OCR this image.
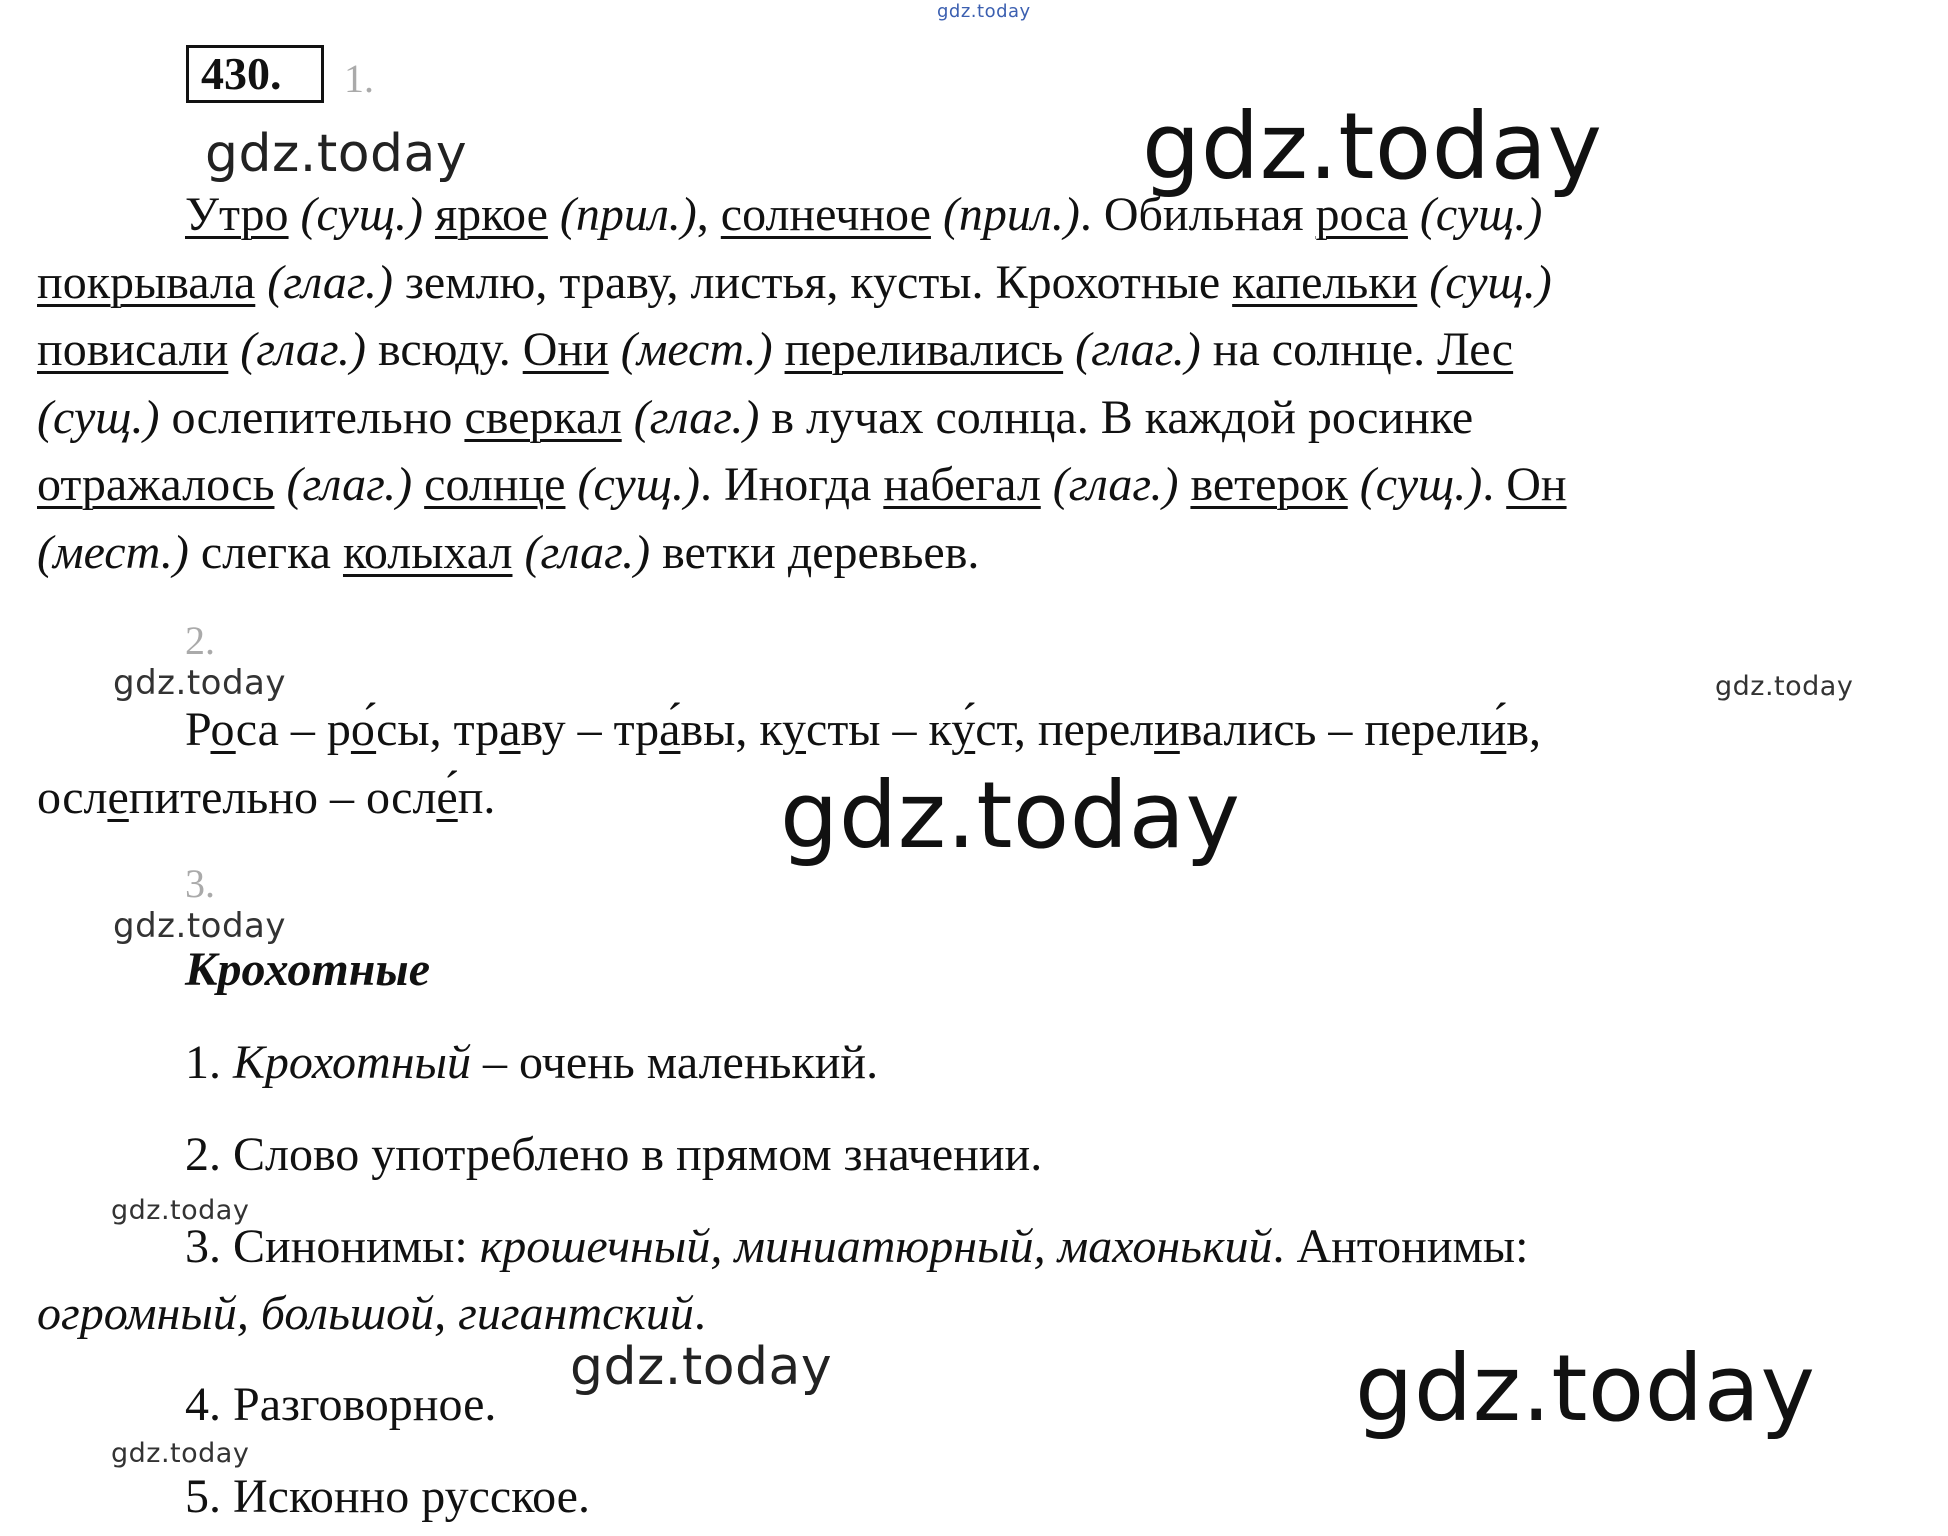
gdz.today
gdz.today	gdz.today
gdz.today	gdz.today
gdz.today
gdz.today
gdz.today
gdz.today	gdz.today
gdz.today
430.	1.
Утро (сущ.) яркое (прил.), солнечное (прил.). Обильная роса (сущ.)
покрывала (глаг.) землю, траву, листья, кусты. Крохотные капельки (сущ.)
повисали (глаг.) всюду. Они (мест.) переливались (глаг.) на солнце. Лес
(сущ.) ослепительно сверкал (глаг.) в лучах солнца. В каждой росинке
отражалось (глаг.) солнце (сущ.). Иногда набегал (глаг.) ветерок (сущ.). Он
(мест.) слегка колыхал (глаг.) ветки деревьев.
2.
Роса – ро́сы, траву – тра́вы, кусты – ку́ст, переливались – перели́в,
ослепительно – осле́п.
3.
Крохотные
1. Крохотный – очень маленький.
2. Слово употреблено в прямом значении.
3. Синонимы: крошечный, миниатюрный, махонький. Антонимы:
огромный, большой, гигантский.
4. Разговорное.
5. Исконно русское.
